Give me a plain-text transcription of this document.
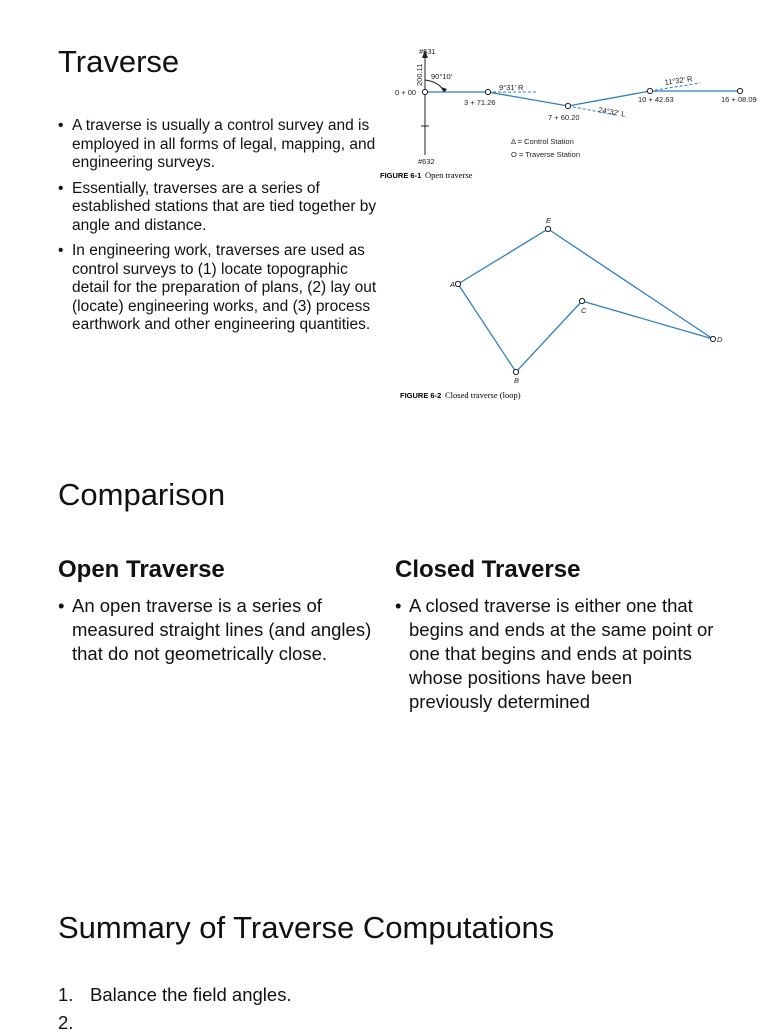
Traverse
• A traverse is usually a control survey and is employed in all forms of legal, mapping, and engineering surveys.
• Essentially, traverses are a series of established stations that are tied together by angle and distance.
• In engineering work, traverses are used as control surveys to (1) locate topographic detail for the preparation of plans, (2) lay out (locate) engineering works, and (3) process earthwork and other engineering quantities.
#631
200.11
0 + 00
90°10′
9°31′ R
3 + 71.26
24°32′ L
7 + 60.20
11°32′ R
10 + 42.63	16 + 08.09
Δ = Control Station
O = Traverse Station
#632
FIGURE 6-1 Open traverse
A
E
D
C
B
FIGURE 6-2 Closed traverse (loop)
Comparison
Open Traverse
• An open traverse is a series of measured straight lines (and angles) that do not geometrically close.
Closed Traverse
• A closed traverse is either one that begins and ends at the same point or one that begins and ends at points whose positions have been previously determined
Summary of Traverse Computations
1. Balance the field angles.
2.
